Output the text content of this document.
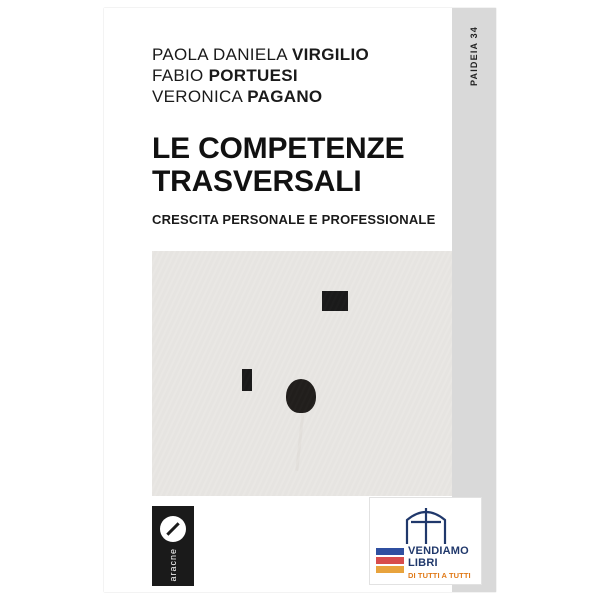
PAOLA DANIELA VIRGILIO
FABIO PORTUESI
VERONICA PAGANO
LE COMPETENZE
TRASVERSALI
CRESCITA PERSONALE E PROFESSIONALE
aracne
PAIDEIA 34
VENDIAMO
LIBRI
DI TUTTI A TUTTI
